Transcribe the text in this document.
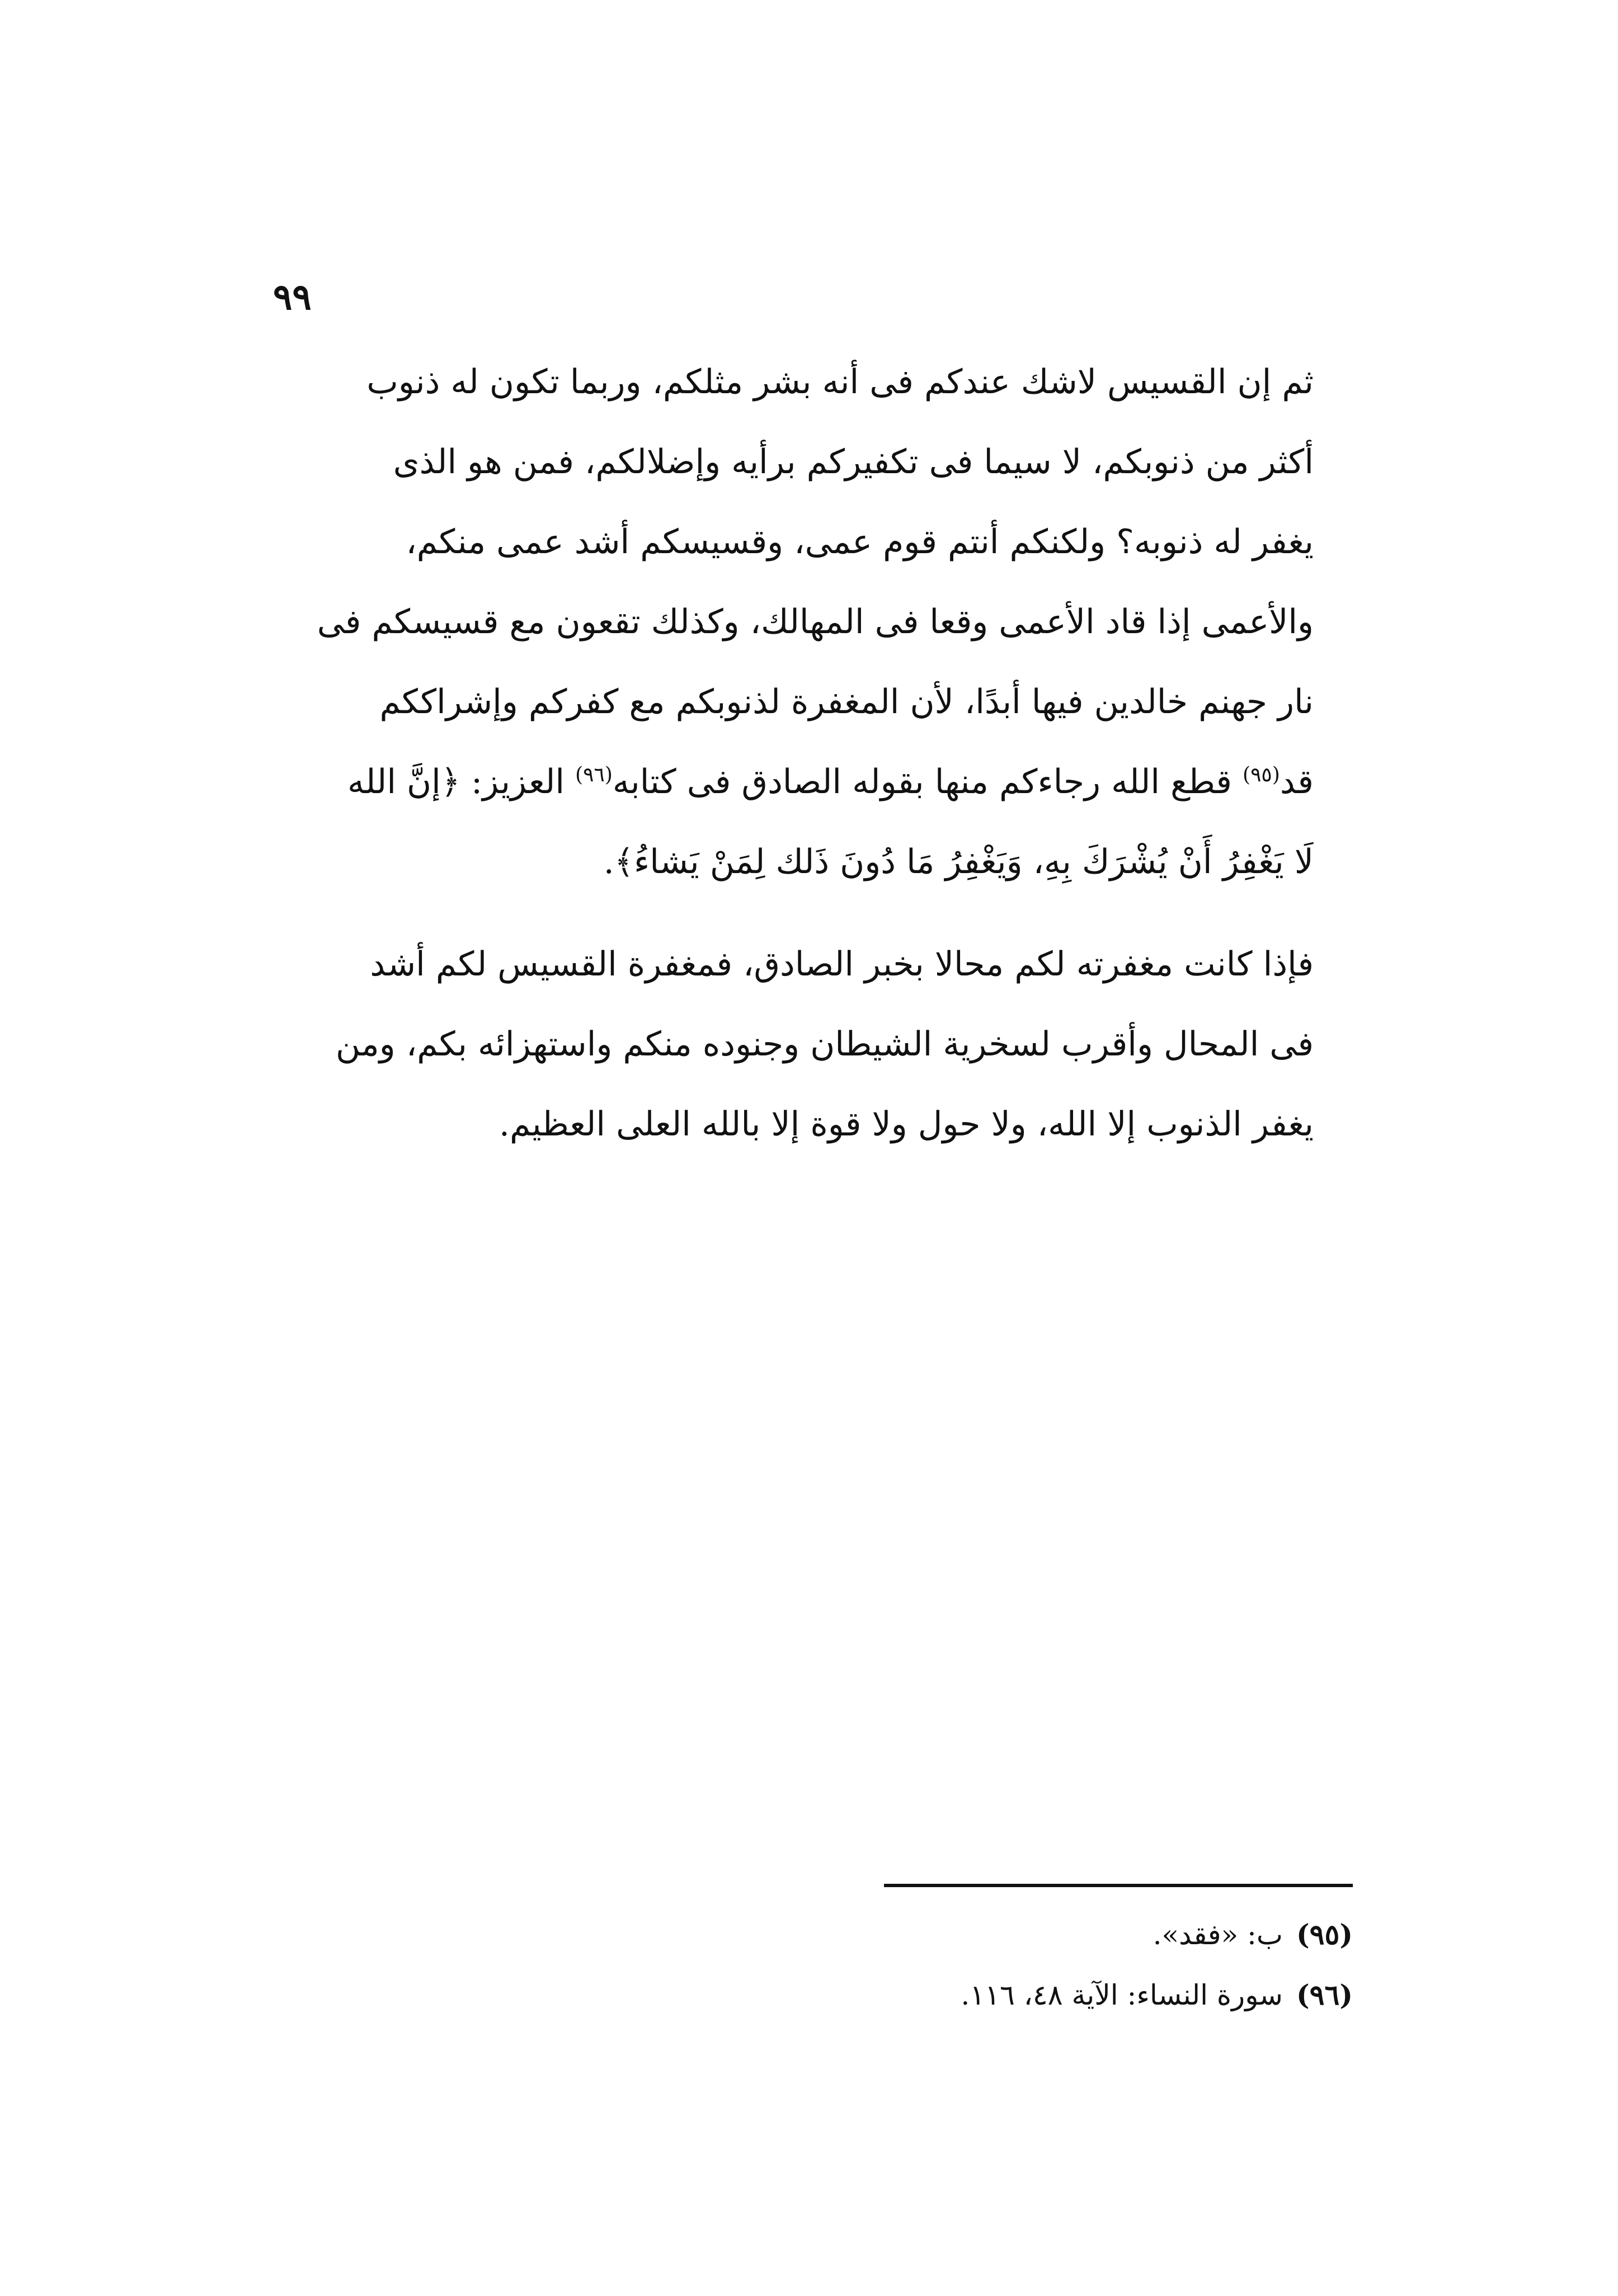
٩٩

ثم إن القسيس لاشك عندكم فى أنه بشر مثلكم، وربما تكون له ذنوب
أكثر من ذنوبكم، لا سيما فى تكفيركم برأيه وإضلالكم، فمن هو الذى
يغفر له ذنوبه؟ ولكنكم أنتم قوم عمى، وقسيسكم أشد عمى منكم،
والأعمى إذا قاد الأعمى وقعا فى المهالك، وكذلك تقعون مع قسيسكم فى
نار جهنم خالدين فيها أبدًا، لأن المغفرة لذنوبكم مع كفركم وإشراككم
قد$^{(٩٥)}$ قطع الله رجاءكم منها بقوله الصادق فى كتابه$^{(٩٦)}$ العزيز: ﴿إنَّ الله
لَا يَغْفِرُ أَنْ يُشْرَكَ بِهِ، وَيَغْفِرُ مَا دُونَ ذَلك لِمَنْ يَشاءُ﴾.

فإذا كانت مغفرته لكم محالا بخبر الصادق، فمغفرة القسيس لكم أشد
فى المحال وأقرب لسخرية الشيطان وجنوده منكم واستهزائه بكم، ومن
يغفر الذنوب إلا الله، ولا حول ولا قوة إلا بالله العلى العظيم.

(٩٥)ب: «فقد».
(٩٦)سورة النساء: الآية ٤٨، ١١٦.
